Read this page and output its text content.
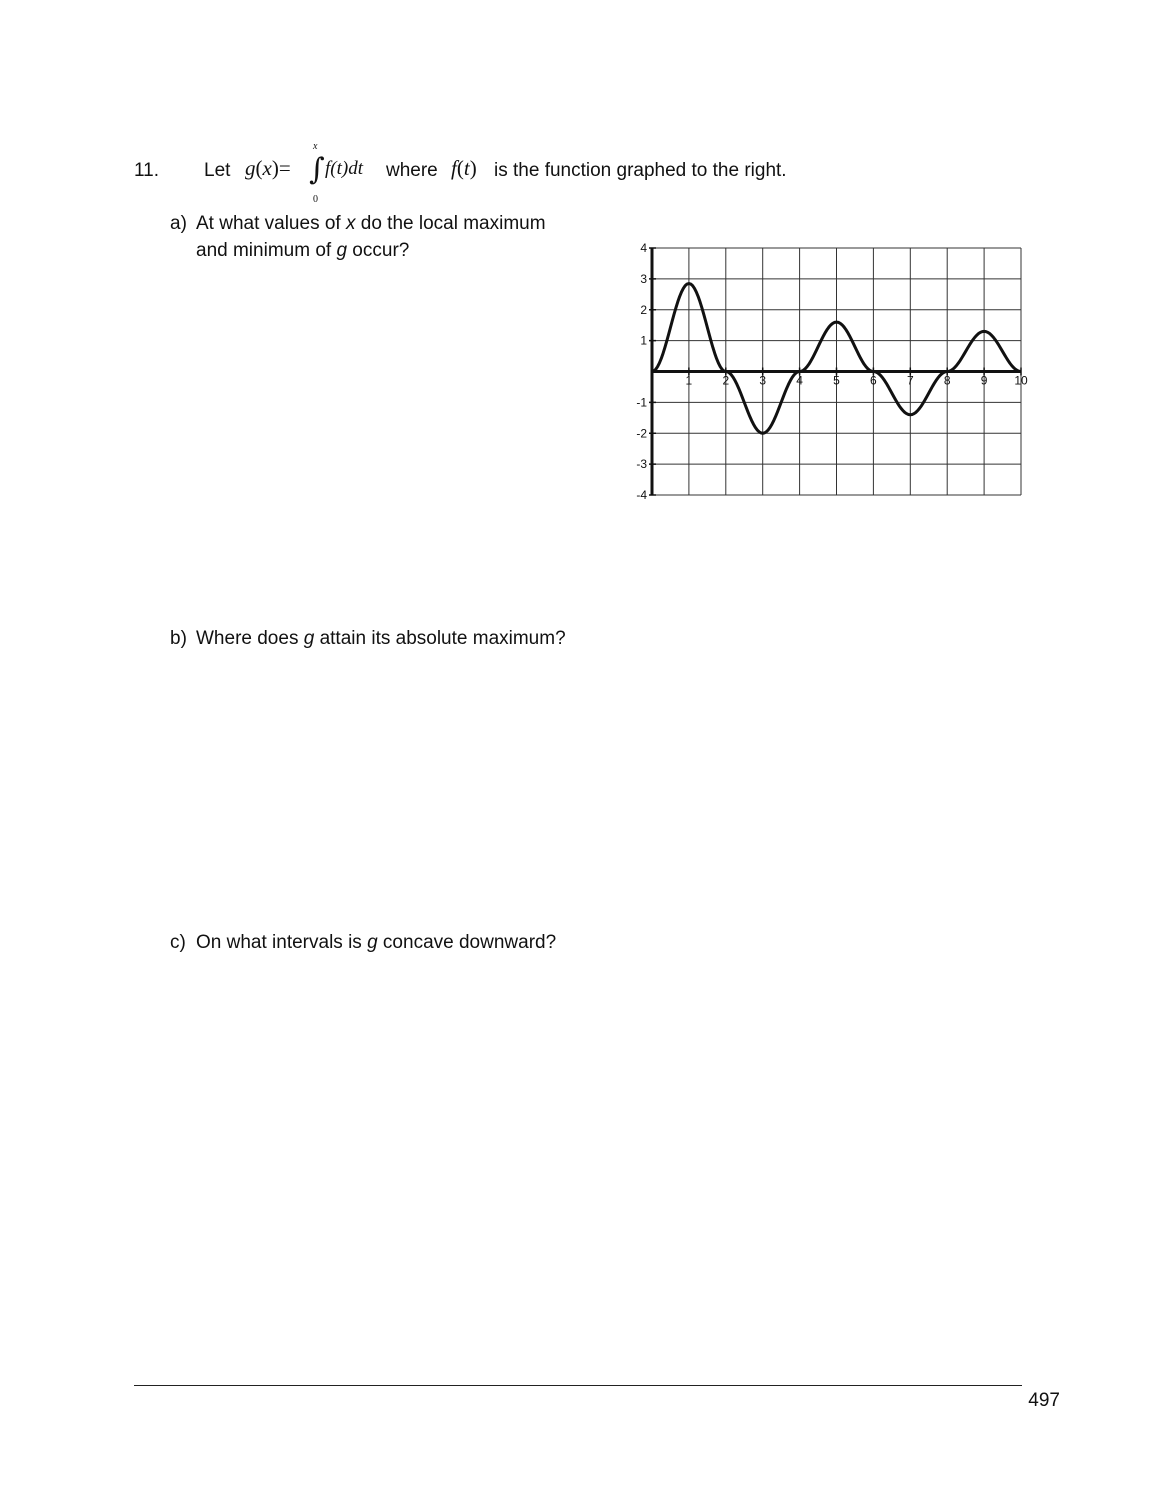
11. Let g(x)= ∫
x
0
f(t)dt where f(t) is the function graphed to the right.
a) At what values of x do the local maximum
and minimum of g occur?
b) Where does g attain its absolute maximum?
c) On what intervals is g concave downward?
1	2	3	4	5	6	7	8	9 10
4
3
2
1
-1
-2
-3
-4
497
